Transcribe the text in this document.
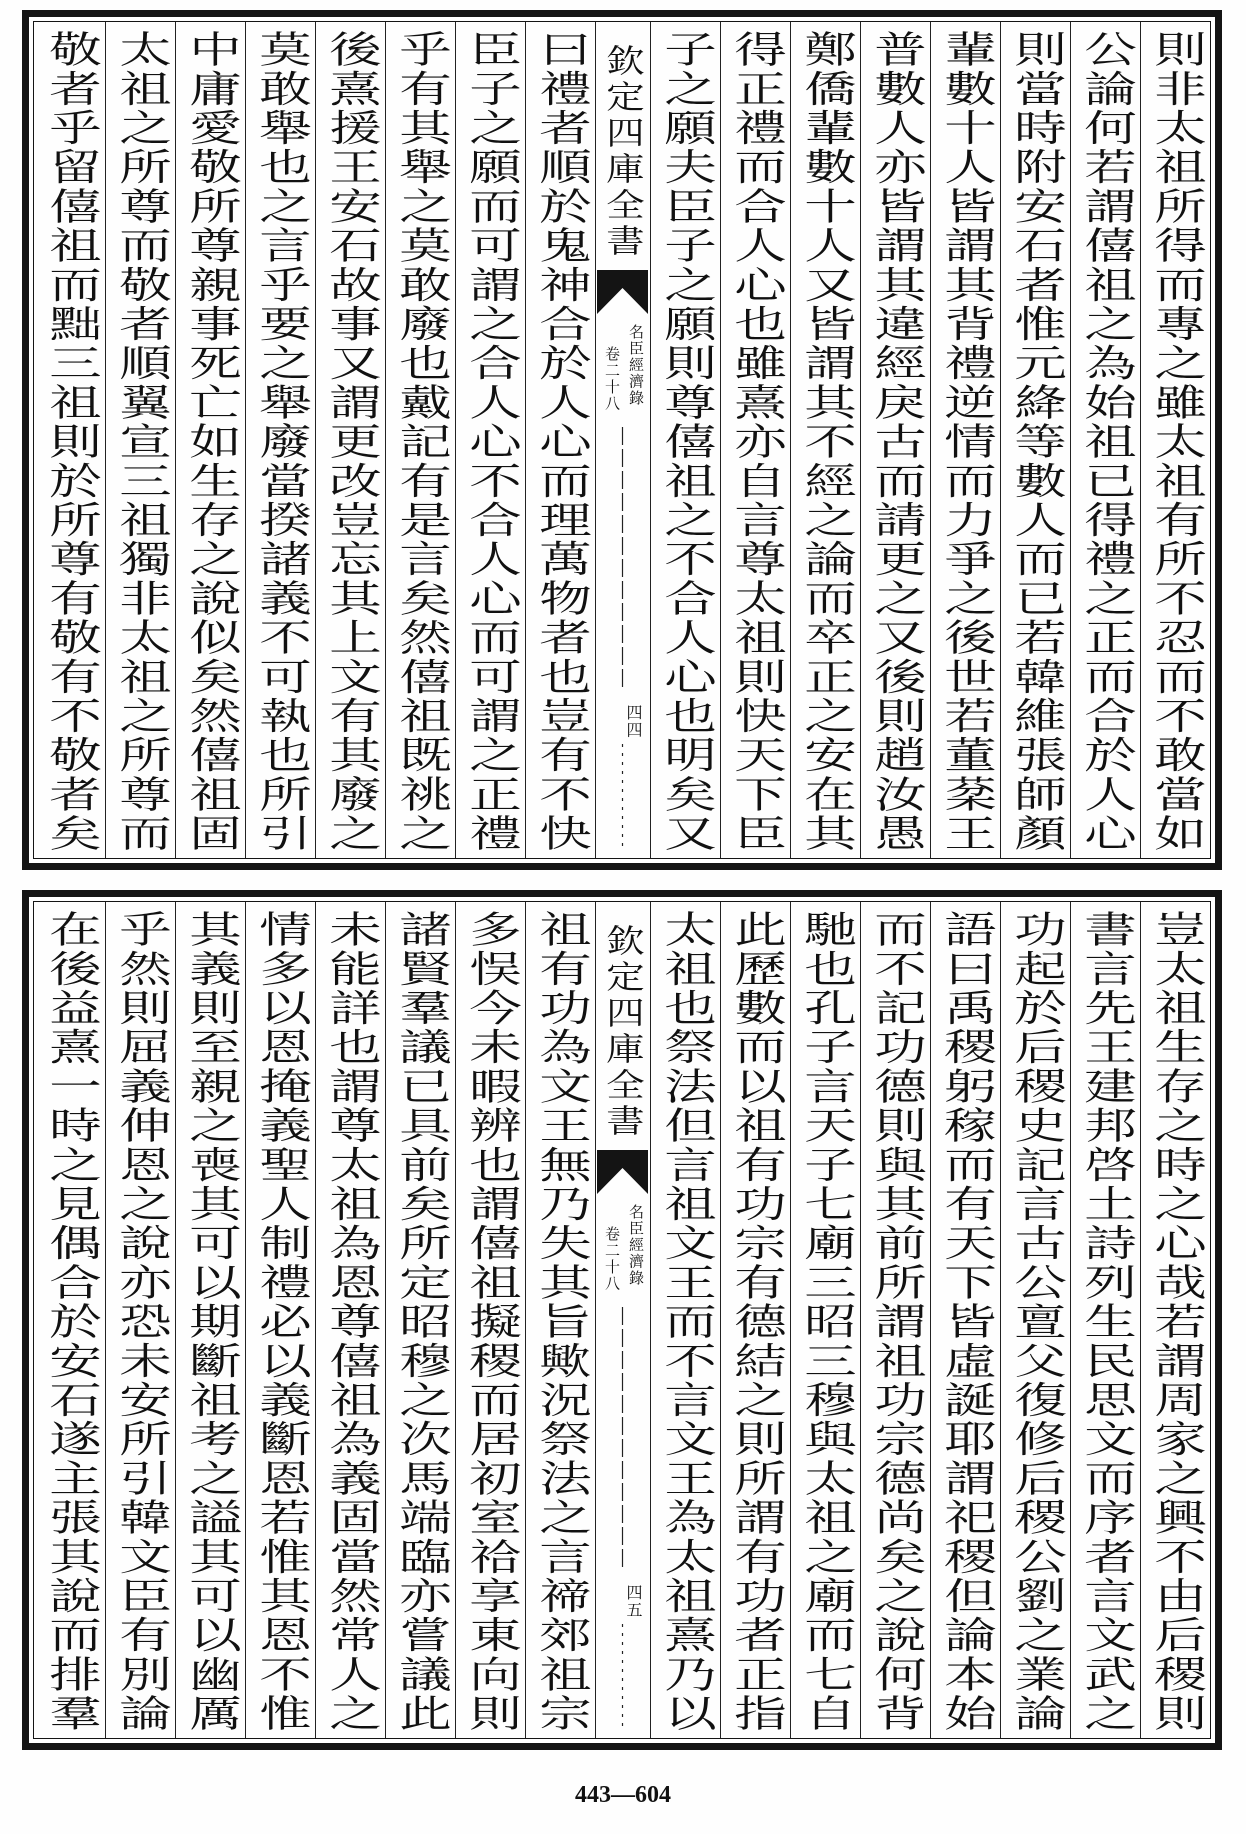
則非太祖所得而專之雖太祖有所不忍而不敢當如
公論何若謂僖祖之為始祖已得禮之正而合於人心
則當時附安石者惟元絳等數人而已若韓維張師顏
輩數十人皆謂其背禮逆情而力爭之後世若董棻王
普數人亦皆謂其違經戾古而請更之又後則趙汝愚
鄭僑輩數十人又皆謂其不經之論而卒正之安在其
得正禮而合人心也雖熹亦自言尊太祖則快天下臣
子之願夫臣子之願則尊僖祖之不合人心也明矣又
欽定四庫全書
名臣經濟錄
卷二十八
四四
曰禮者順於鬼神合於人心而理萬物者也豈有不快
臣子之願而可謂之合人心不合人心而可謂之正禮
乎有其舉之莫敢廢也戴記有是言矣然僖祖既祧之
後熹援王安石故事又謂更改豈忘其上文有其廢之
莫敢舉也之言乎要之舉廢當揆諸義不可執也所引
中庸愛敬所尊親事死亡如生存之說似矣然僖祖固
太祖之所尊而敬者順翼宣三祖獨非太祖之所尊而
敬者乎留僖祖而黜三祖則於所尊有敬有不敬者矣
豈太祖生存之時之心哉若謂周家之興不由后稷則
書言先王建邦啓土詩列生民思文而序者言文武之
功起於后稷史記言古公亶父復修后稷公劉之業論
語曰禹稷躬稼而有天下皆虛誕耶謂祀稷但論本始
而不記功德則與其前所謂祖功宗德尚矣之說何背
馳也孔子言天子七廟三昭三穆與太祖之廟而七自
此歷數而以祖有功宗有德結之則所謂有功者正指
太祖也祭法但言祖文王而不言文王為太祖熹乃以
欽定四庫全書
名臣經濟錄
卷二十八
四五
祖有功為文王無乃失其旨歟況祭法之言禘郊祖宗
多悮今未暇辨也謂僖祖擬稷而居初室祫享東向則
諸賢羣議已具前矣所定昭穆之次馬端臨亦嘗議此
未能詳也謂尊太祖為恩尊僖祖為義固當然常人之
情多以恩掩義聖人制禮必以義斷恩若惟其恩不惟
其義則至親之喪其可以期斷祖考之謚其可以幽厲
乎然則屈義伸恩之說亦恐未安所引韓文臣有別論
在後益熹一時之見偶合於安石遂主張其說而排羣
443—604
